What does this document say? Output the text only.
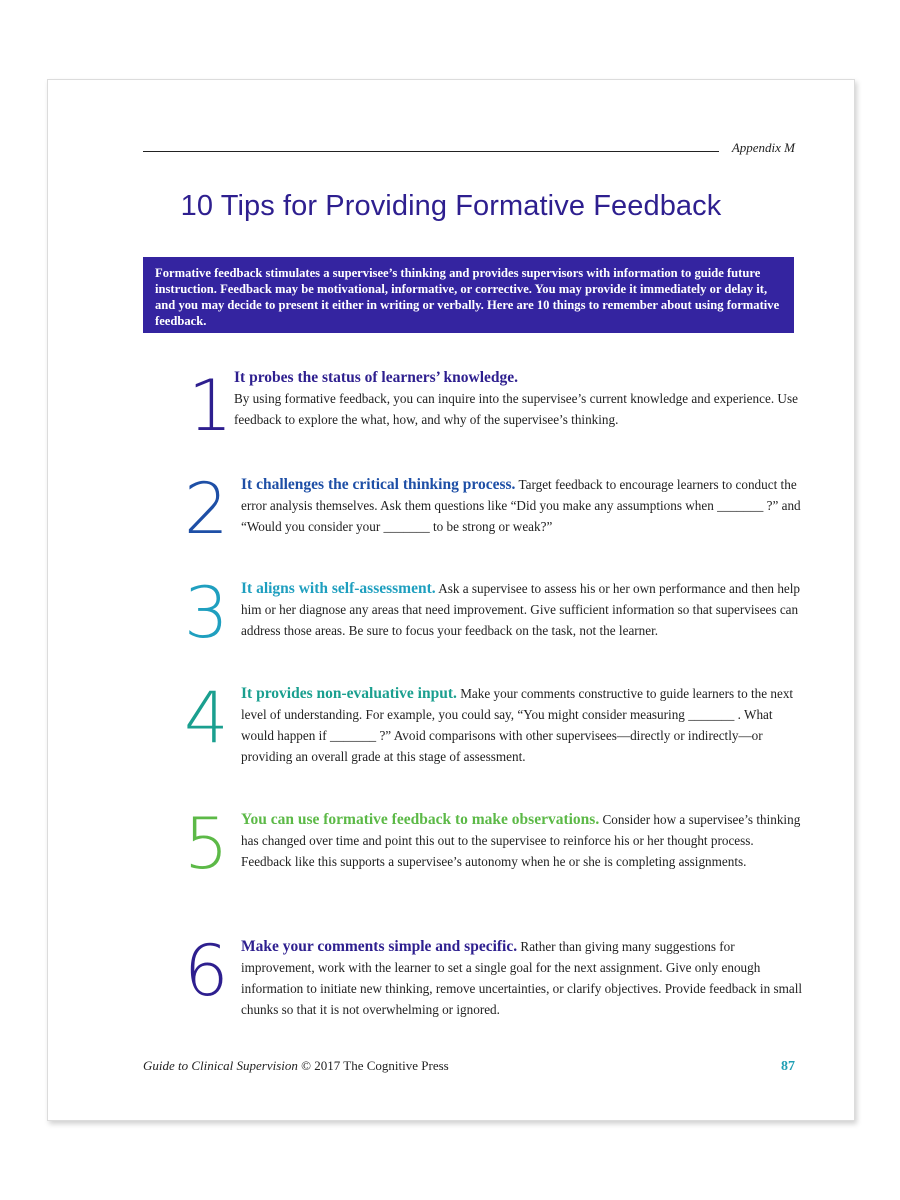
Appendix M
10 Tips for Providing Formative Feedback

Formative feedback stimulates a supervisee’s thinking and provides supervisors with information to guide future instruction. Feedback may be motivational, informative, or corrective. You may provide it immediately or delay it, and you may decide to present it either in writing or verbally. Here are 10 things to remember about using formative feedback.

1 It probes the status of learners’ knowledge.
By using formative feedback, you can inquire into the supervisee’s current knowledge and experience. Use feedback to explore the what, how, and why of the supervisee’s thinking.

2 It challenges the critical thinking process. Target feedback to encourage learners to conduct the error analysis themselves. Ask them questions like “Did you make any assumptions when _______ ?” and “Would you consider your _______ to be strong or weak?”

3 It aligns with self-assessment. Ask a supervisee to assess his or her own performance and then help him or her diagnose any areas that need improvement. Give sufficient information so that supervisees can address those areas. Be sure to focus your feedback on the task, not the learner.

4 It provides non-evaluative input. Make your comments constructive to guide learners to the next level of understanding. For example, you could say, “You might consider measuring _______ . What would happen if _______ ?” Avoid comparisons with other supervisees—directly or indirectly—or providing an overall grade at this stage of assessment.

5 You can use formative feedback to make observations. Consider how a supervisee’s thinking has changed over time and point this out to the supervisee to reinforce his or her thought process. Feedback like this supports a supervisee’s autonomy when he or she is completing assignments.

6 Make your comments simple and specific. Rather than giving many suggestions for improvement, work with the learner to set a single goal for the next assignment. Give only enough information to initiate new thinking, remove uncertainties, or clarify objectives. Provide feedback in small chunks so that it is not overwhelming or ignored.

Guide to Clinical Supervision © 2017 The Cognitive Press	87
